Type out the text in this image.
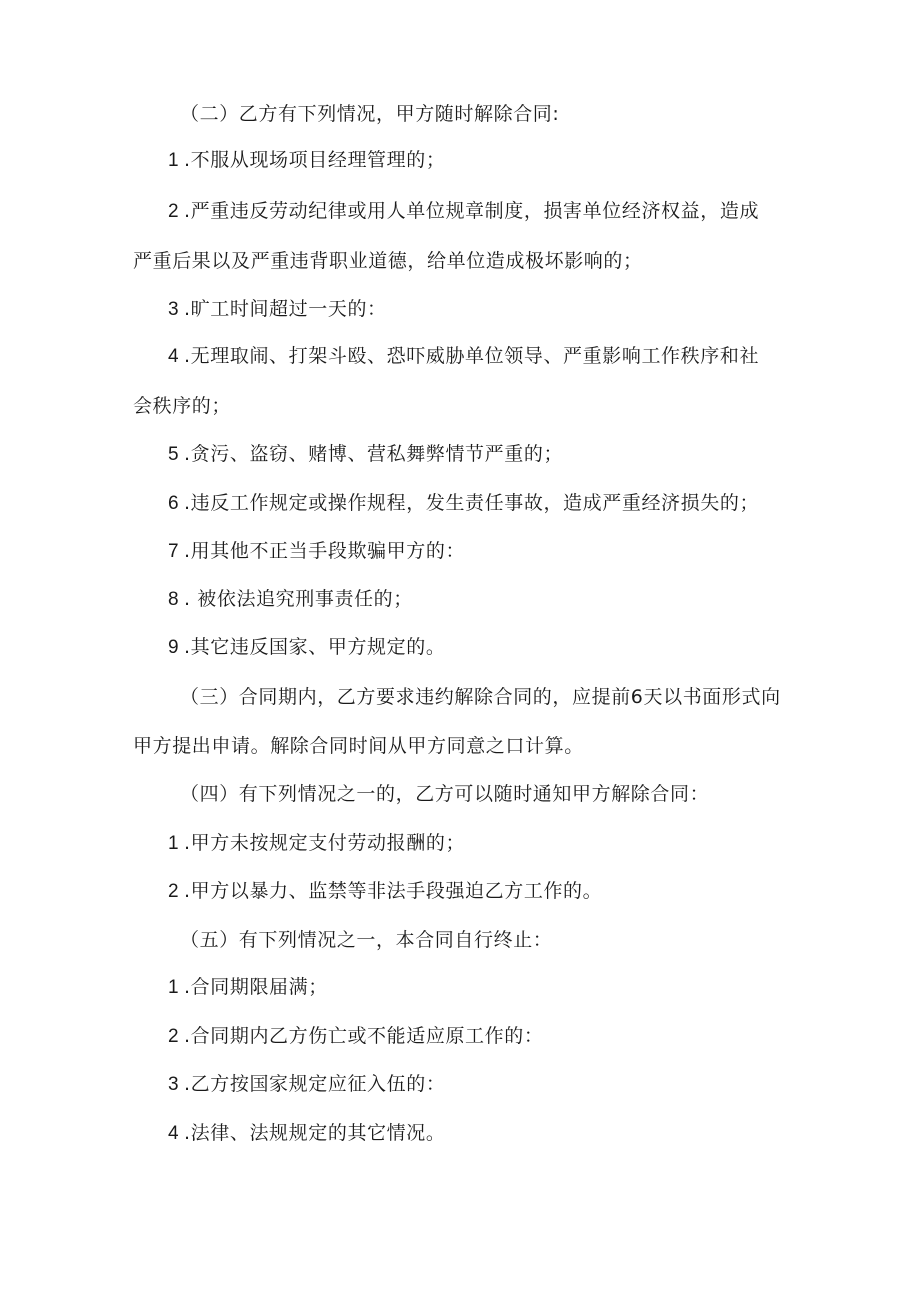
（二）乙方有下列情况，甲方随时解除合同:
1 .不服从现场项目经理管理的；
2 .严重违反劳动纪律或用人单位规章制度，损害单位经济权益，造成
严重后果以及严重违背职业道德，给单位造成极坏影响的；
3 .旷工时间超过一天的：
4 .无理取闹、打架斗殴、恐吓威胁单位领导、严重影响工作秩序和社
会秩序的；
5 .贪污、盗窃、赌博、营私舞弊情节严重的；
6 .违反工作规定或操作规程，发生责任事故，造成严重经济损失的；
7 .用其他不正当手段欺骗甲方的：
8 . 被依法追究刑事责任的；
9 .其它违反国家、甲方规定的。
（三）合同期内，乙方要求违约解除合同的，应提前6天以书面形式向
甲方提出申请。解除合同时间从甲方同意之口计算。
（四）有下列情况之一的，乙方可以随时通知甲方解除合同：
1 .甲方未按规定支付劳动报酬的；
2 .甲方以暴力、监禁等非法手段强迫乙方工作的。
（五）有下列情况之一，本合同自行终止：
1 .合同期限届满；
2 .合同期内乙方伤亡或不能适应原工作的：
3 .乙方按国家规定应征入伍的：
4 .法律、法规规定的其它情况。
